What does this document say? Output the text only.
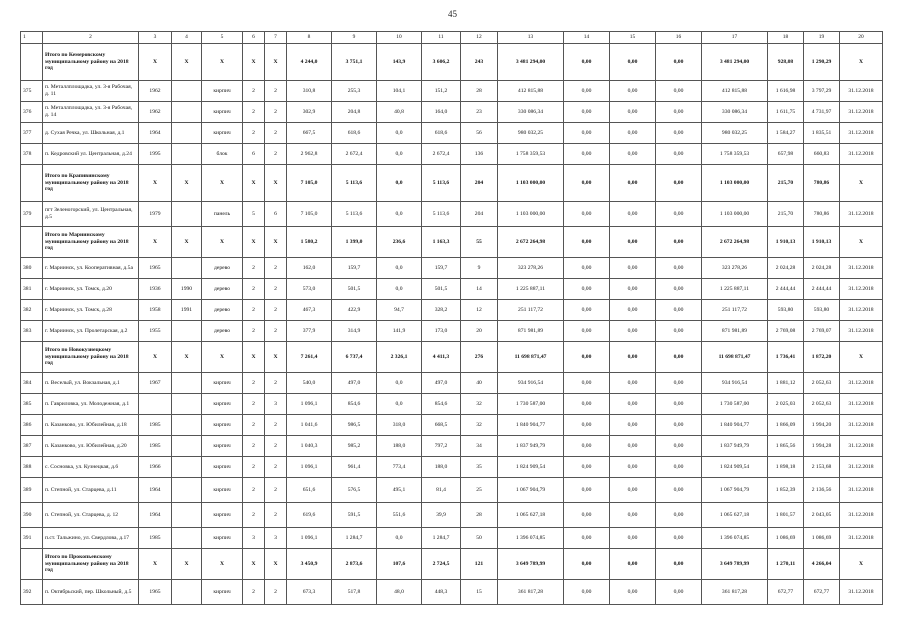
45
1	2	3	4	5	6	7	8	9	10	11	12	13	14	15	16	17	18	19	20
	Итого по Кемеровскому муниципальному району на 2018 год	X	X	X	X	X	4 244,0	3 751,1	143,9	3 606,2	243	3 481 294,00	0,00	0,00	0,00	3 481 294,00	928,08	1 290,29	X
375	п. Металлплощадка, ул. 3-я Рабочая, д. 11	1962		кирпич	2	2	310,8	255,3	104,1	151,2	28	412 815,88	0,00	0,00	0,00	412 815,88	1 616,98	3 797,29	31.12.2018
376	п. Металлплощадка, ул. 3-я Рабочая, д. 14	1962		кирпич	2	2	302,9	204,8	40,8	164,0	23	330 086,34	0,00	0,00	0,00	330 086,34	1 611,75	4 731,97	31.12.2018
377	д. Сухая Речка, ул. Школьная, д.1	1964		кирпич	2	2	667,5	618,6	0,0	618,6	56	980 032,25	0,00	0,00	0,00	980 032,25	1 584,27	1 835,51	31.12.2018
378	п. Кедровский ул. Центральная, д.24	1995		блок	6	2	2 962,8	2 672,4	0,0	2 672,4	136	1 758 359,53	0,00	0,00	0,00	1 758 359,53	657,98	660,83	31.12.2018
	Итого по Крапивинскому муниципальному району на 2018 год	X	X	X	X	X	7 105,0	5 113,6	0,0	5 113,6	204	1 103 000,00	0,00	0,00	0,00	1 103 000,00	215,70	780,86	X
379	пгт Зеленогорский, ул. Центральная, д.5	1979		панель	5	6	7 105,0	5 113,6	0,0	5 113,6	204	1 103 000,00	0,00	0,00	0,00	1 103 000,00	215,70	780,86	31.12.2018
	Итого по Мариинскому муниципальному району на 2018 год	X	X	X	X	X	1 580,2	1 399,0	236,6	1 163,3	55	2 672 264,98	0,00	0,00	0,00	2 672 264,98	1 910,13	1 910,13	X
380	г. Мариинск, ул. Кооперативная, д.5а	1965		дерево	2	2	162,0	159,7	0,0	159,7	9	323 278,26	0,00	0,00	0,00	323 278,26	2 024,28	2 024,28	31.12.2018
381	г. Мариинск, ул. Томск, д.20	1936	1990	дерево	2	2	573,0	501,5	0,0	501,5	14	1 225 887,11	0,00	0,00	0,00	1 225 887,11	2 444,44	2 444,44	31.12.2018
382	г. Мариинск, ул. Томск, д.28	1958	1991	дерево	2	2	467,3	422,9	94,7	328,2	12	251 117,72	0,00	0,00	0,00	251 117,72	593,80	593,80	31.12.2018
383	г. Мариинск, ул. Пролетарская, д.2	1955		дерево	2	2	377,9	314,9	141,9	173,0	20	871 981,89	0,00	0,00	0,00	871 981,89	2 769,08	2 769,07	31.12.2018
	Итого по Новокузнецкому муниципальному району на 2018 год	X	X	X	X	X	7 261,4	6 737,4	2 326,1	4 411,3	276	11 698 871,47	0,00	0,00	0,00	11 698 871,47	1 736,41	1 872,20	X
384	п. Веселый, ул. Вокзальная, д.1	1967		кирпич	2	2	540,0	497,0	0,0	497,0	40	934 916,54	0,00	0,00	0,00	934 916,54	1 881,12	2 052,63	31.12.2018
385	п. Гавриловка, ул. Молодежная, д.1			кирпич	2	3	1 096,1	854,6	0,0	854,6	32	1 730 587,00	0,00	0,00	0,00	1 730 587,00	2 025,03	2 052,63	31.12.2018
386	п. Казанково, ул. Юбилейная, д.18	1985		кирпич	2	2	1 041,6	986,5	318,0	668,5	32	1 840 904,77	0,00	0,00	0,00	1 840 904,77	1 866,09	1 994,20	31.12.2018
387	п. Казанково, ул. Юбилейная, д.20	1985		кирпич	2	2	1 040,3	985,2	188,0	797,2	34	1 837 949,79	0,00	0,00	0,00	1 837 949,79	1 865,56	1 994,28	31.12.2018
388	с. Сосновка, ул. Кузнецкая, д.6	1966		кирпич	2	2	1 096,1	961,4	773,4	188,0	35	1 824 909,54	0,00	0,00	0,00	1 824 909,54	1 898,18	2 153,68	31.12.2018
389	п. Степной, ул. Старцева, д.11	1964		кирпич	2	2	651,6	576,5	495,1	81,4	25	1 067 904,79	0,00	0,00	0,00	1 067 904,79	1 852,39	2 136,56	31.12.2018
390	п. Степной, ул. Старцева, д. 12	1964		кирпич	2	2	619,6	591,5	551,6	39,9	28	1 065 627,18	0,00	0,00	0,00	1 065 627,18	1 801,57	2 043,05	31.12.2018
391	п.ст. Тальжино, ул. Свердлова, д.17	1985		кирпич	3	3	1 096,1	1 284,7	0,0	1 284,7	50	1 396 074,85	0,00	0,00	0,00	1 396 074,85	1 086,69	1 086,69	31.12.2018
	Итого по Прокопьевскому муниципальному району на 2018 год	X	X	X	X	X	3 450,9	2 873,6	107,6	2 724,5	121	3 649 789,99	0,00	0,00	0,00	3 649 789,99	1 270,11	4 266,04	X
392	п. Октябрьский, пер. Школьный, д.5	1965		кирпич	2	2	673,3	517,8	48,0	448,3	15	361 817,28	0,00	0,00	0,00	361 817,28	672,77	672,77	31.12.2018
